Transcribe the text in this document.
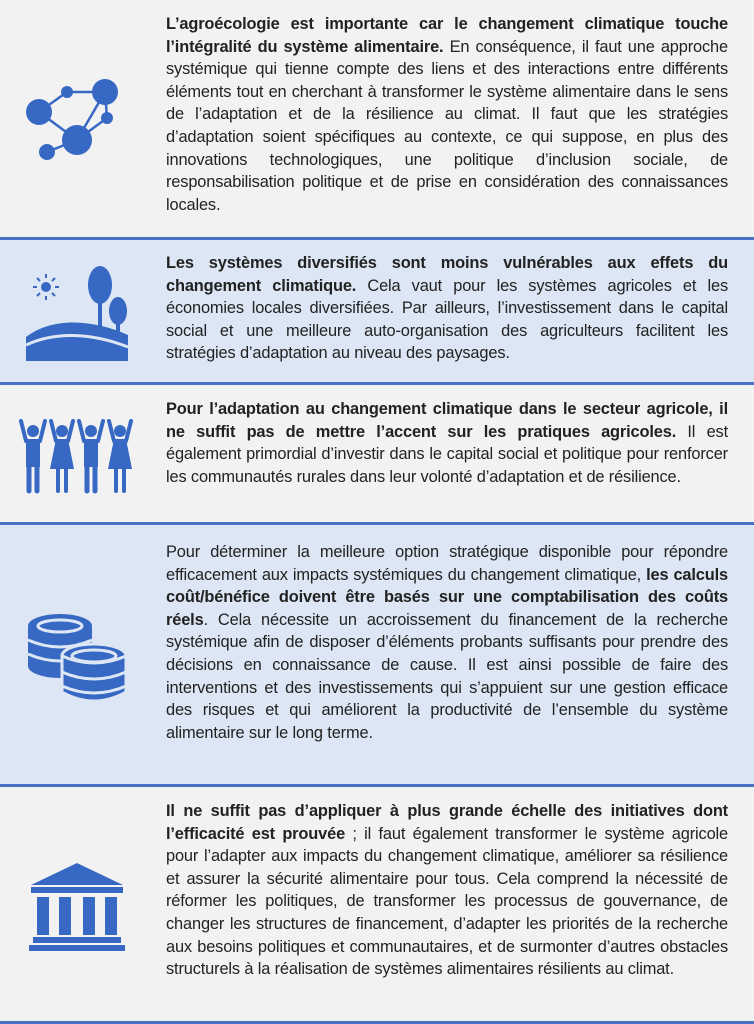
L’agroécologie est importante car le changement climatique touche l’intégralité du système alimentaire. En conséquence, il faut une approche systémique qui tienne compte des liens et des interactions entre différents éléments tout en cherchant à transformer le système alimentaire dans le sens de l’adaptation et de la résilience au climat. Il faut que les stratégies d’adaptation soient spécifiques au contexte, ce qui suppose, en plus des innovations technologiques, une politique d’inclusion sociale, de responsabilisation politique et de prise en considération des connaissances locales.
Les systèmes diversifiés sont moins vulnérables aux effets du changement climatique. Cela vaut pour les systèmes agricoles et les économies locales diversifiées. Par ailleurs, l’investissement dans le capital social et une meilleure auto-organisation des agriculteurs facilitent les stratégies d’adaptation au niveau des paysages.
Pour l’adaptation au changement climatique dans le secteur agricole, il ne suffit pas de mettre l’accent sur les pratiques agricoles. Il est également primordial d’investir dans le capital social et politique pour renforcer les communautés rurales dans leur volonté d’adaptation et de résilience.
Pour déterminer la meilleure option stratégique disponible pour répondre efficacement aux impacts systémiques du changement climatique, les calculs coût/bénéfice doivent être basés sur une comptabilisation des coûts réels. Cela nécessite un accroissement du financement de la recherche systémique afin de disposer d’éléments probants suffisants pour prendre des décisions en connaissance de cause. Il est ainsi possible de faire des interventions et des investissements qui s’appuient sur une gestion efficace des risques et qui améliorent la productivité de l’ensemble du système alimentaire sur le long terme.
Il ne suffit pas d’appliquer à plus grande échelle des initiatives dont l’efficacité est prouvée ; il faut également transformer le système agricole pour l’adapter aux impacts du changement climatique, améliorer sa résilience et assurer la sécurité alimentaire pour tous. Cela comprend la nécessité de réformer les politiques, de transformer les processus de gouvernance, de changer les structures de financement, d’adapter les priorités de la recherche aux besoins politiques et communautaires, et de surmonter d’autres obstacles structurels à la réalisation de systèmes alimentaires résilients au climat.
